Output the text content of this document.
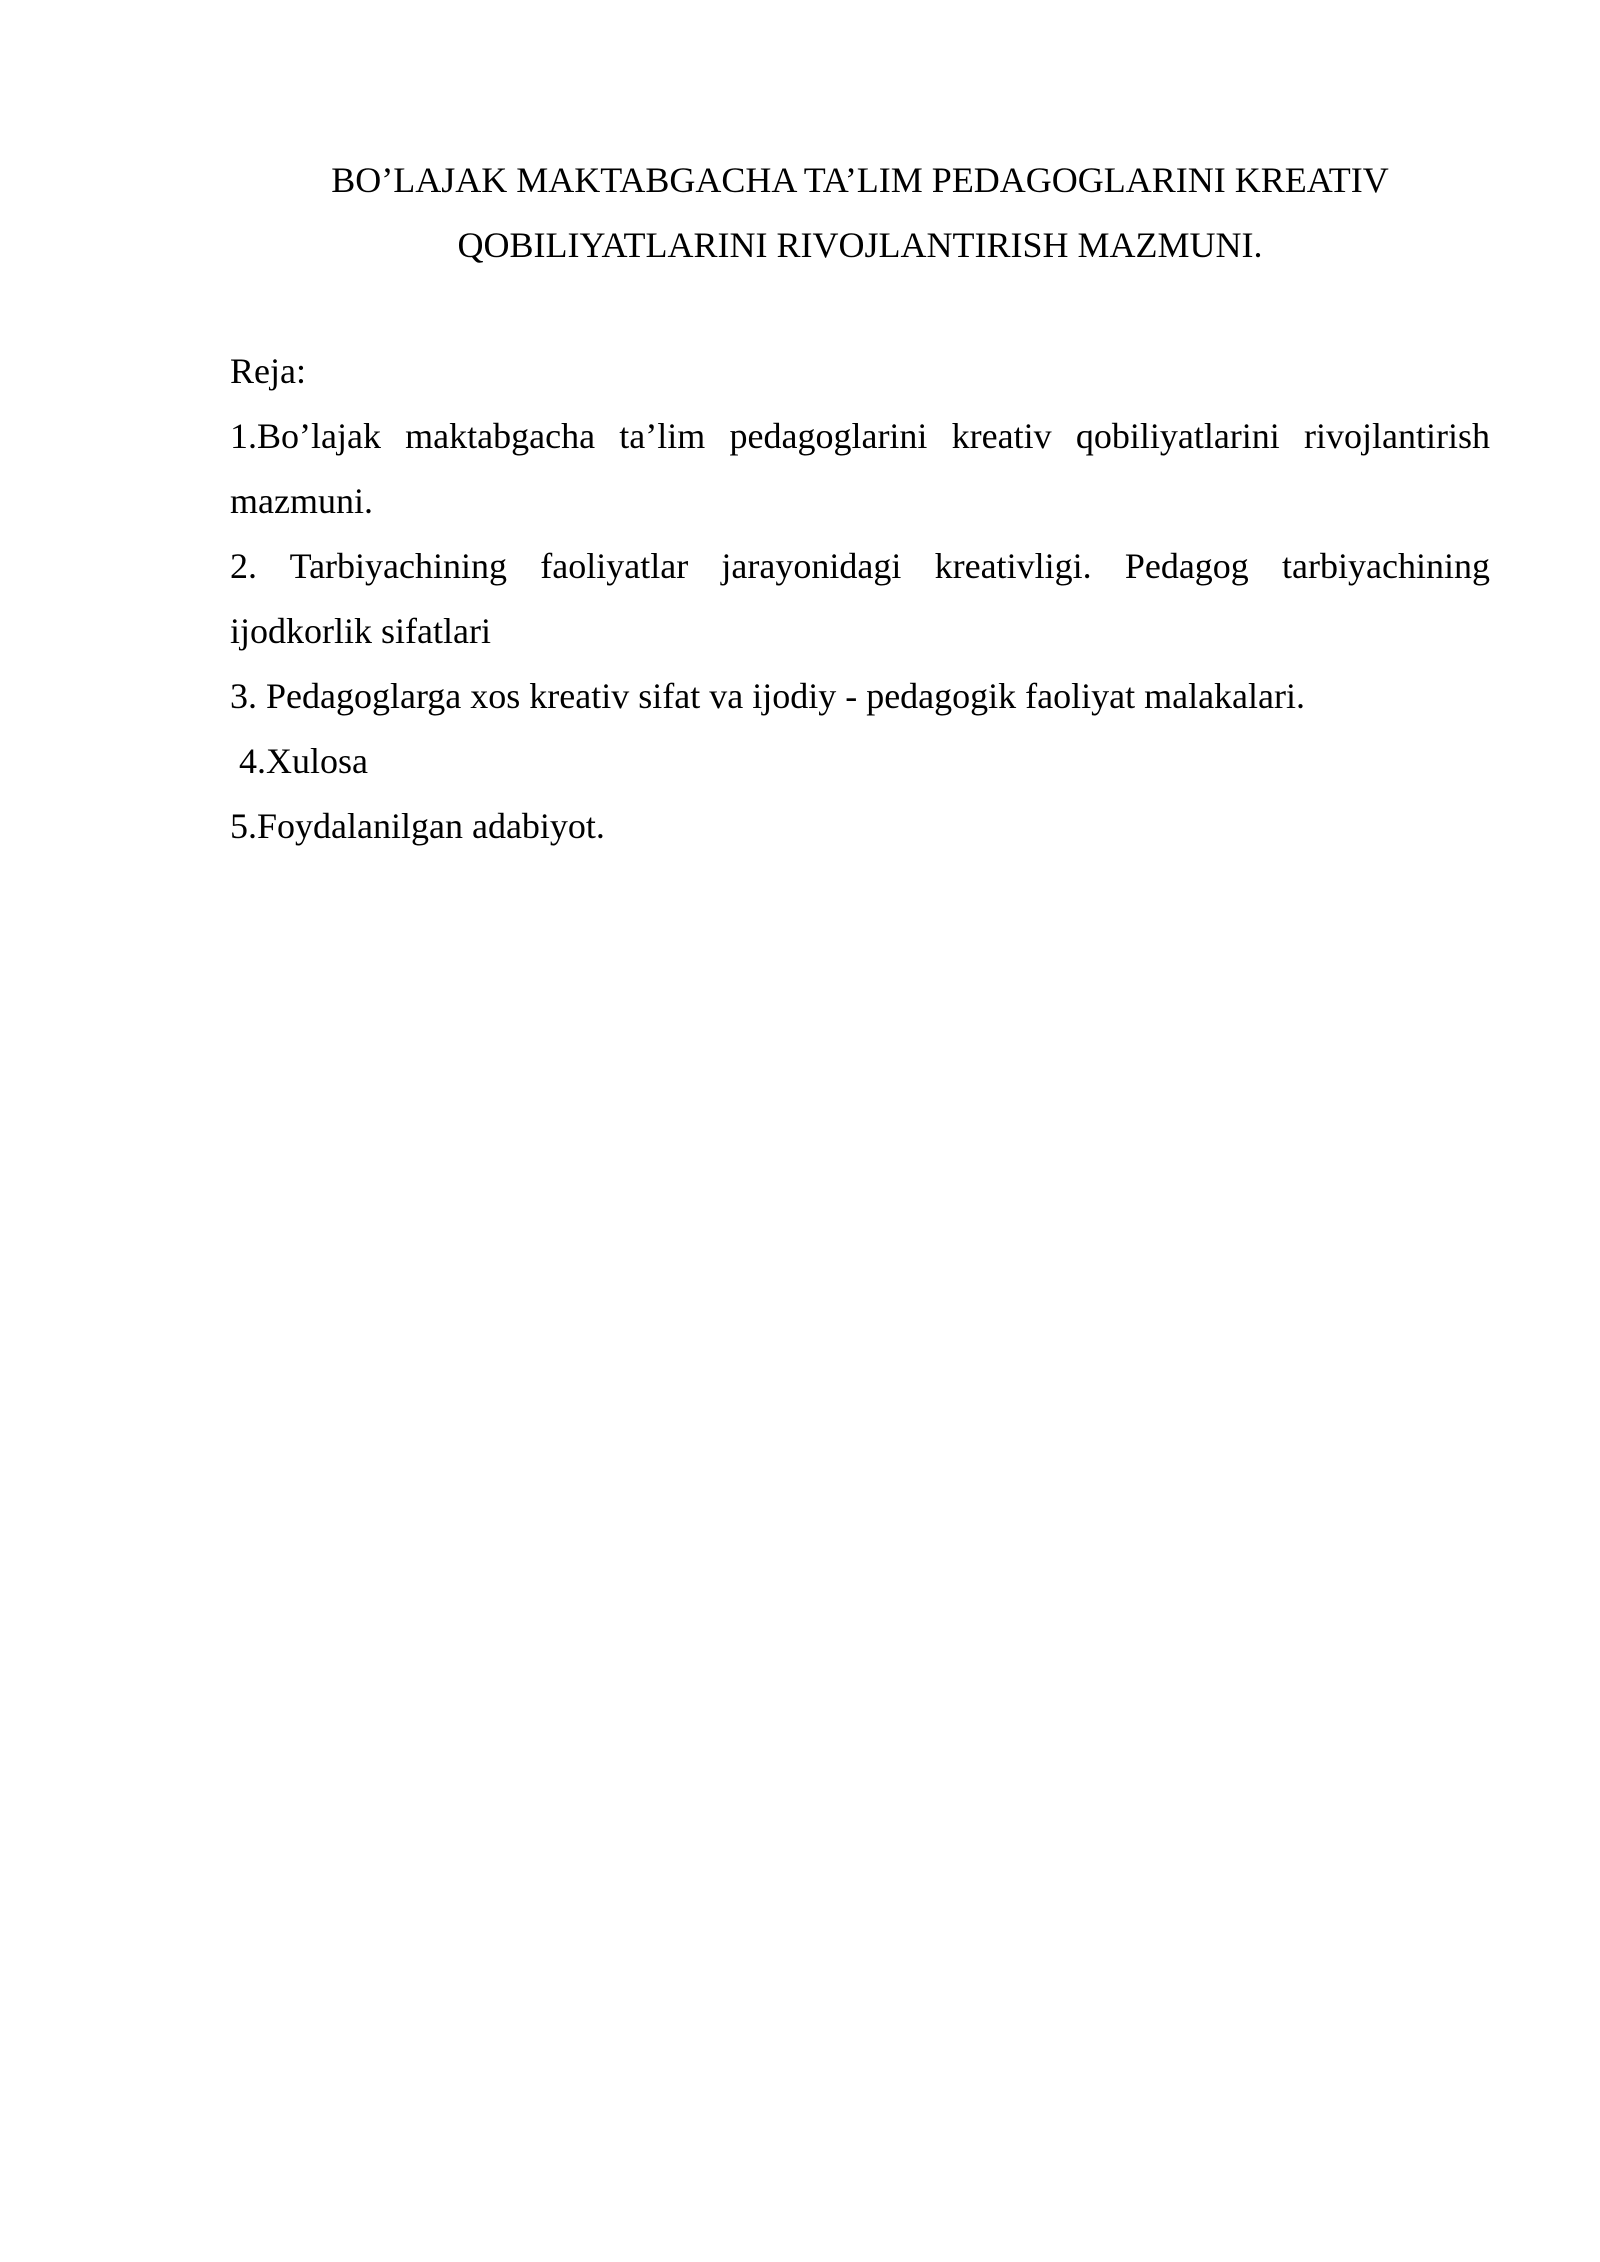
BO’LAJAK MAKTABGACHA TA’LIM PEDAGOGLARINI KREATIV
QOBILIYATLARINI RIVOJLANTIRISH MAZMUNI.

Reja:

1.Bo’lajak maktabgacha ta’lim pedagoglarini kreativ qobiliyatlarini rivojlantirish mazmuni.

2. Tarbiyachining faoliyatlar jarayonidagi kreativligi. Pedagog tarbiyachining ijodkorlik sifatlari

3. Pedagoglarga xos kreativ sifat va ijodiy - pedagogik faoliyat malakalari.

4.Xulosa

5.Foydalanilgan adabiyot.
